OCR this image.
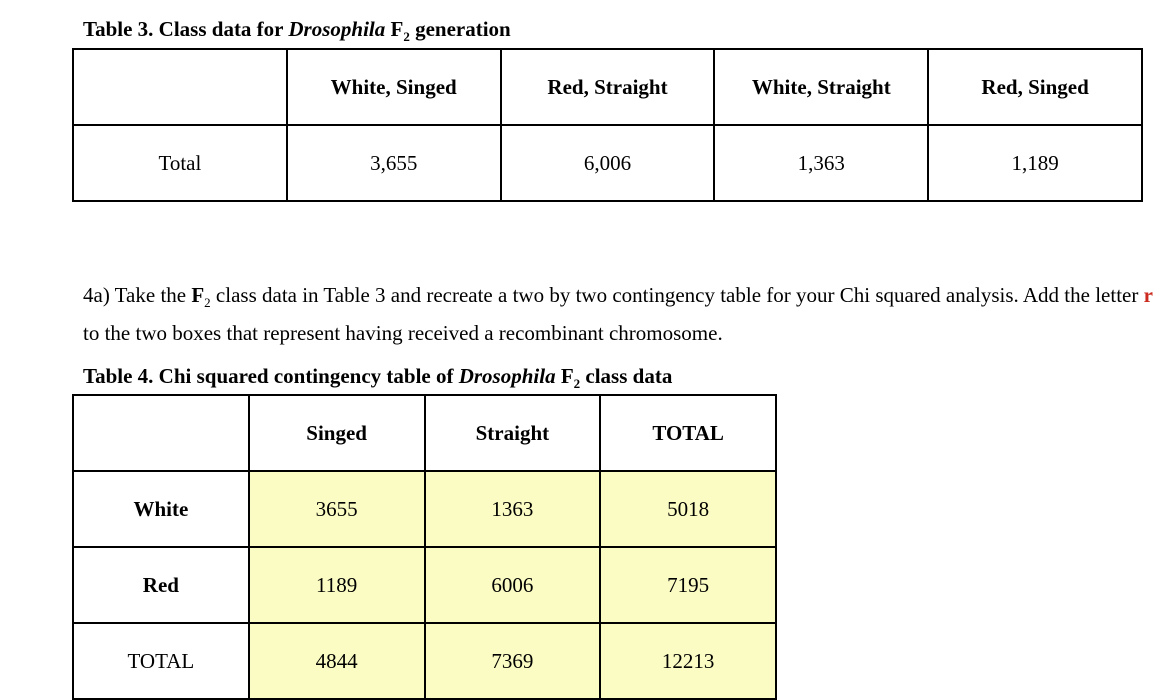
Table 3. Class data for Drosophila $F_2$ generation
	White, Singed	Red, Straight	White, Straight	Red, Singed
Total	3,655	6,006	1,363	1,189
4a) Take the $F_2$ class data in Table 3 and recreate a two by two contingency table for your Chi squared analysis. Add the letter r to the two boxes that represent having received a recombinant chromosome.
Table 4. Chi squared contingency table of Drosophila $F_2$ class data
	Singed	Straight	TOTAL
White	3655	1363	5018
Red	1189	6006	7195
TOTAL	4844	7369	12213
